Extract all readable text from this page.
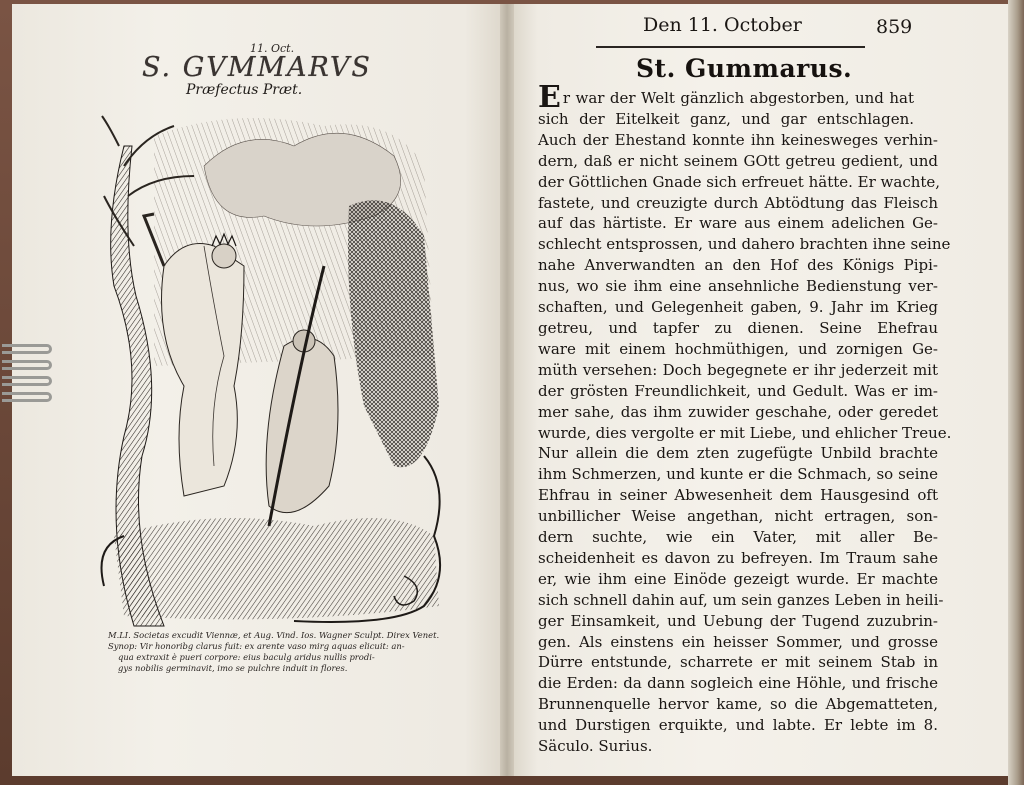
11. Oct.
S. GVMMARVS
Præfectus Præt.
M.LI. Societas excudit Viennæ, et Aug. Vind. Ios. Wagner Sculpt. Direx Venet.
Synop: Vir honoribg clarus fuit: ex arente vaso mirg aquas elicuit: an-
qua extraxit è pueri corpore: eius baculg aridus nullis prodi-
gys nobilis germinavit, imo se pulchre induit in flores.
Den 11. October	859
St. Gummarus.
E r war der Welt gänzlich abgestorben, und hat
sich der Eitelkeit ganz, und gar entschlagen.
Auch der Ehestand konnte ihn keinesweges verhin-
dern, daß er nicht seinem GOtt getreu gedient, und
der Göttlichen Gnade sich erfreuet hätte. Er wachte,
fastete, und creuzigte durch Abtödtung das Fleisch
auf das härtiste. Er ware aus einem adelichen Ge-
schlecht entsprossen, und dahero brachten ihne seine
nahe Anverwandten an den Hof des Königs Pipi-
nus, wo sie ihm eine ansehnliche Bedienstung ver-
schaften, und Gelegenheit gaben, 9. Jahr im Krieg
getreu, und tapfer zu dienen. Seine Ehefrau
ware mit einem hochmüthigen, und zornigen Ge-
müth versehen: Doch begegnete er ihr jederzeit mit
der grösten Freundlichkeit, und Gedult. Was er im-
mer sahe, das ihm zuwider geschahe, oder geredet
wurde, dies vergolte er mit Liebe, und ehlicher Treue.
Nur allein die dem zten zugefügte Unbild brachte
ihm Schmerzen, und kunte er die Schmach, so seine
Ehfrau in seiner Abwesenheit dem Hausgesind oft
unbillicher Weise angethan, nicht ertragen, son-
dern suchte, wie ein Vater, mit aller Be-
scheidenheit es davon zu befreyen. Im Traum sahe
er, wie ihm eine Einöde gezeigt wurde. Er machte
sich schnell dahin auf, um sein ganzes Leben in heili-
ger Einsamkeit, und Uebung der Tugend zuzubrin-
gen. Als einstens ein heisser Sommer, und grosse
Dürre entstunde, scharrete er mit seinem Stab in
die Erden: da dann sogleich eine Höhle, und frische
Brunnenquelle hervor kame, so die Abgematteten,
und Durstigen erquikte, und labte. Er lebte im 8.
Säculo. Surius.
